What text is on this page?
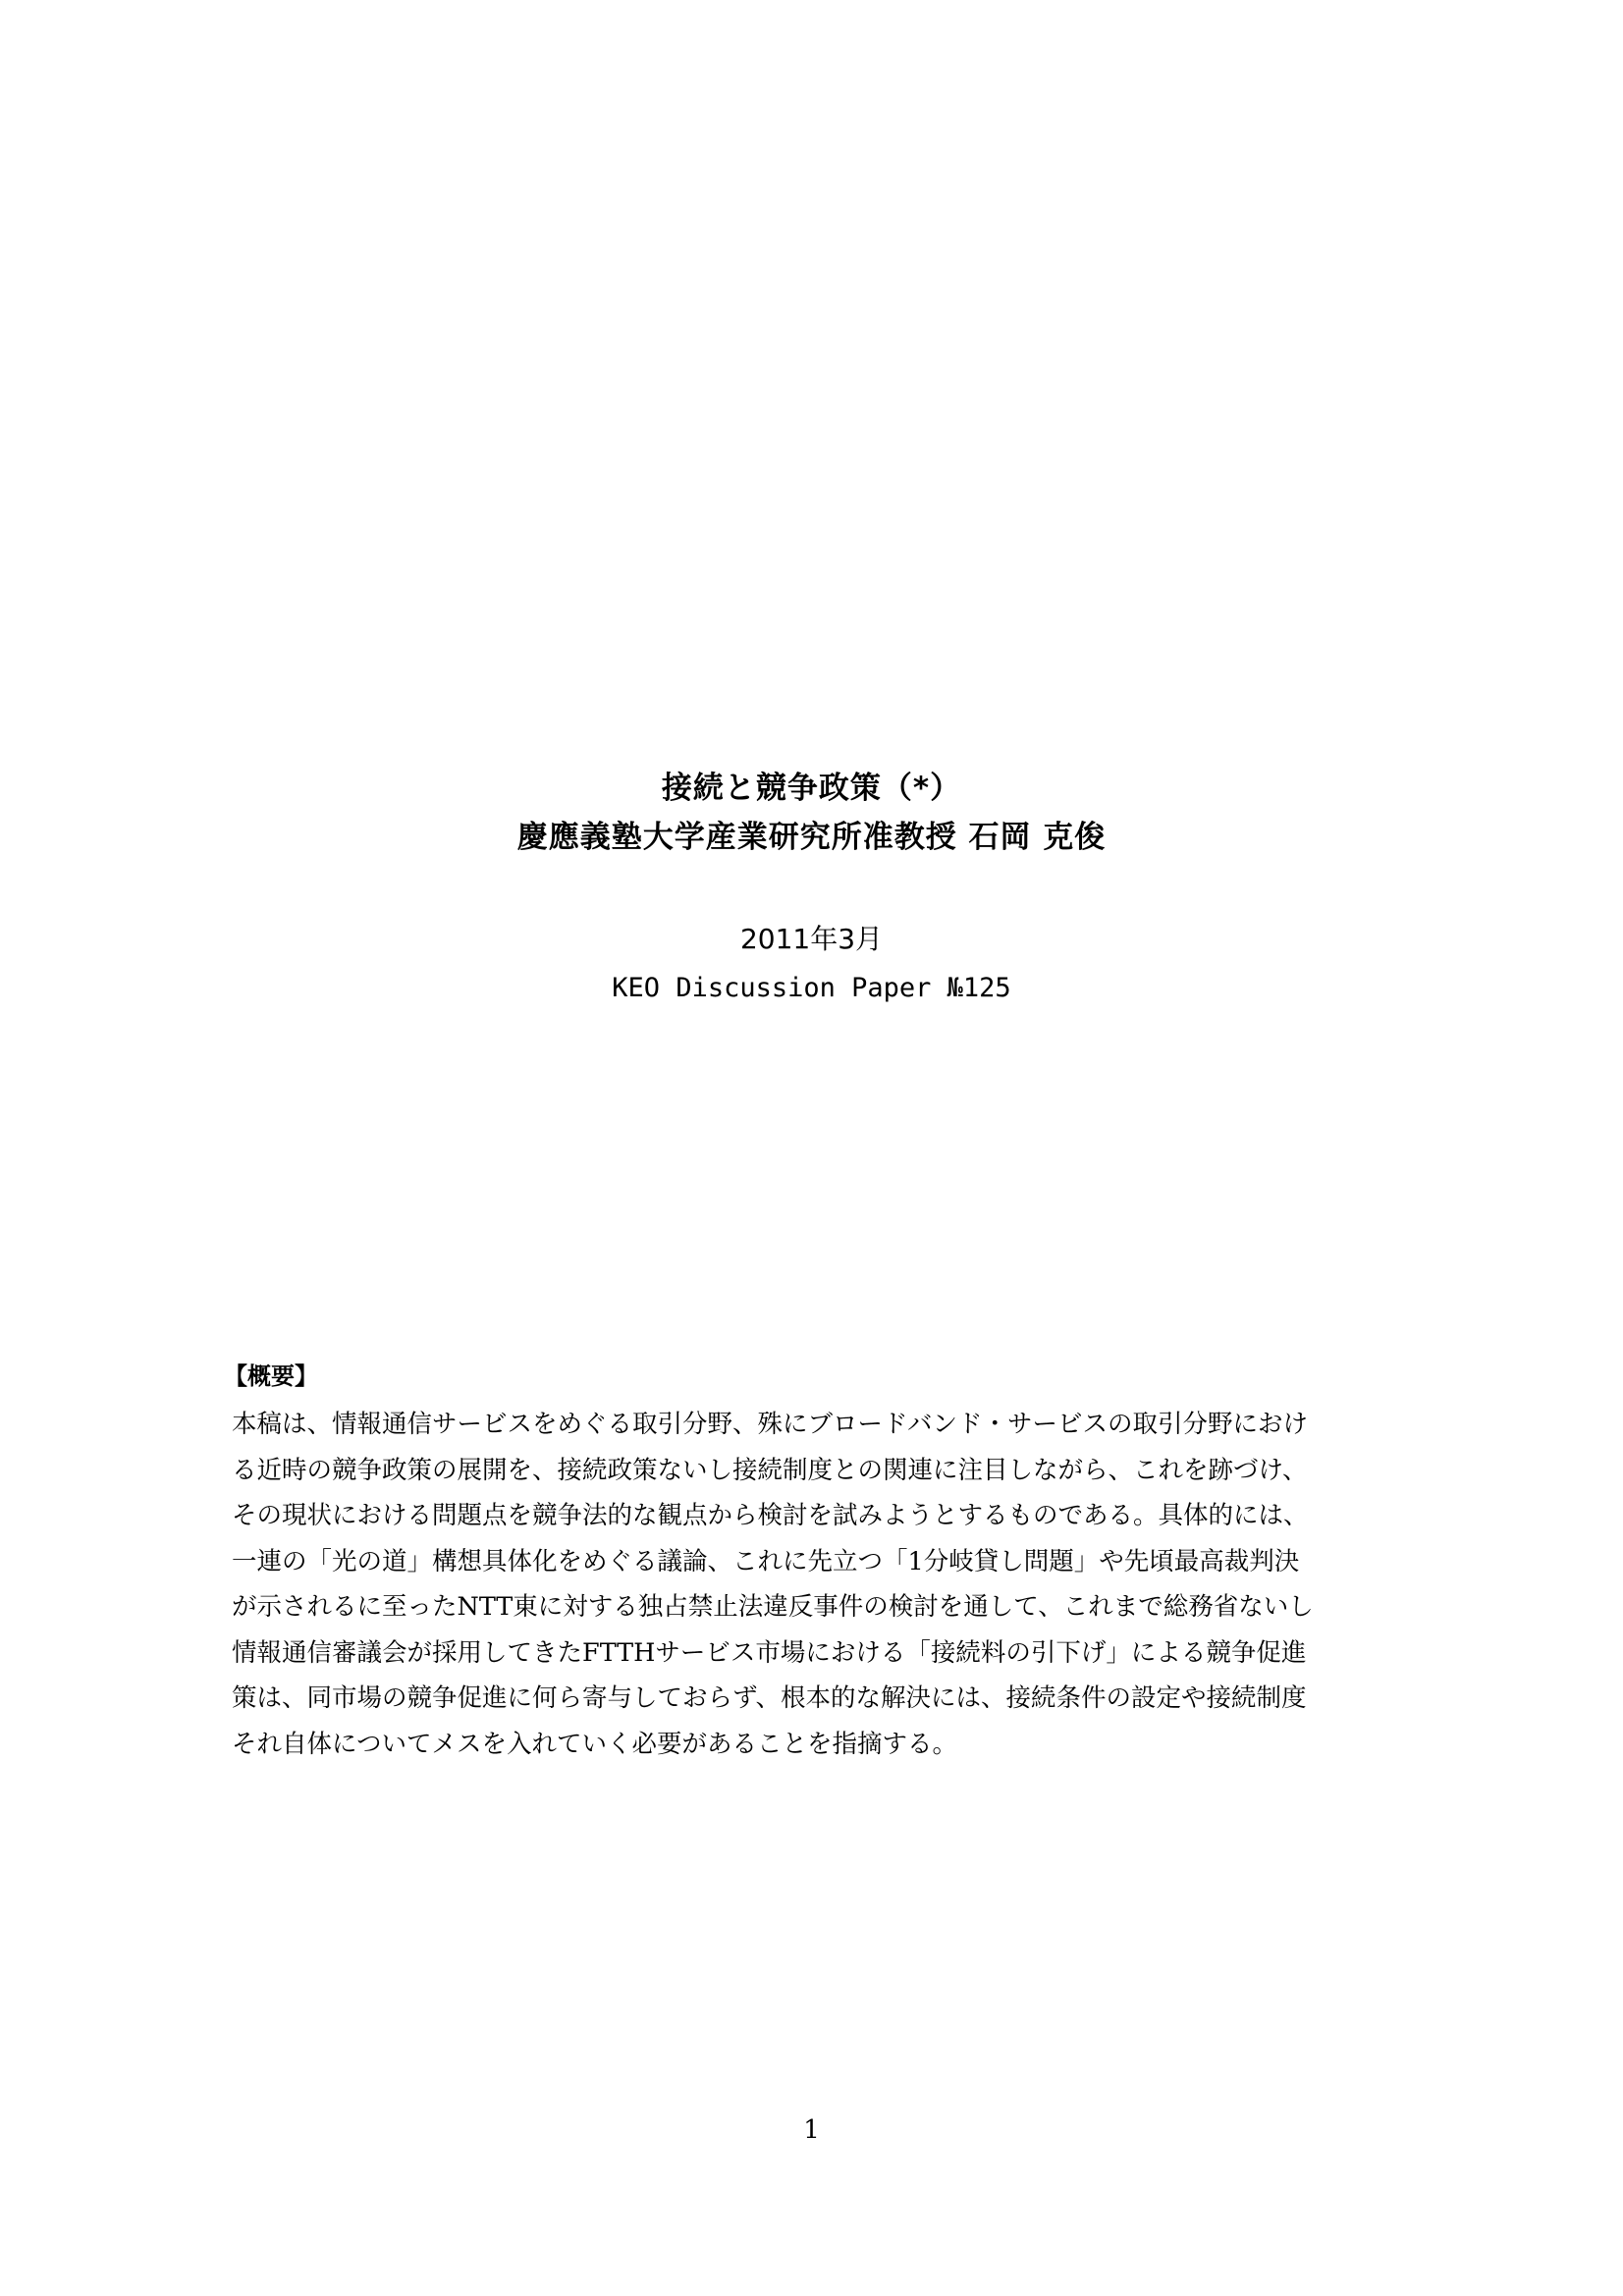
接続と競争政策（*）
慶應義塾大学産業研究所准教授 石岡 克俊
2011年3月
KEO Discussion Paper №125
【概要】
本稿は、情報通信サービスをめぐる取引分野、殊にブロードバンド・サービスの取引分野におけ
る近時の競争政策の展開を、接続政策ないし接続制度との関連に注目しながら、これを跡づけ、
その現状における問題点を競争法的な観点から検討を試みようとするものである。具体的には、
一連の「光の道」構想具体化をめぐる議論、これに先立つ「1分岐貸し問題」や先頃最高裁判決
が示されるに至ったNTT東に対する独占禁止法違反事件の検討を通して、これまで総務省ないし
情報通信審議会が採用してきたFTTHサービス市場における「接続料の引下げ」による競争促進
策は、同市場の競争促進に何ら寄与しておらず、根本的な解決には、接続条件の設定や接続制度
それ自体についてメスを入れていく必要があることを指摘する。
1
